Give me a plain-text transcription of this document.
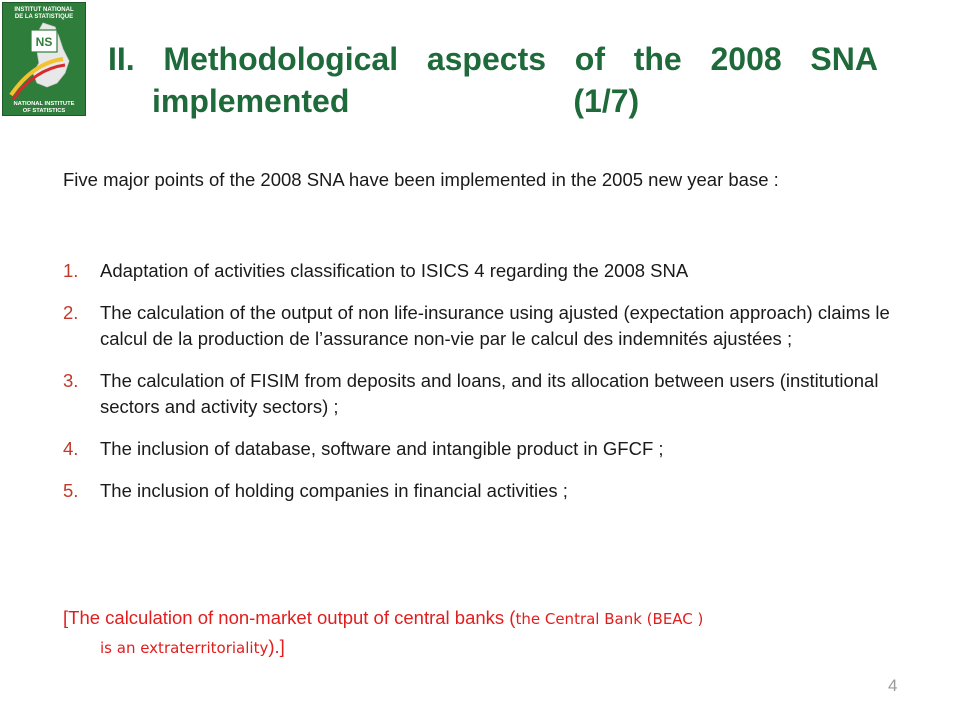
INSTITUT NATIONAL
DE LA STATISTIQUE
NS
NATIONAL INSTITUTE
OF STATISTICS
II. Methodological aspects of the 2008 SNA
implemented	(1/7)
Five major points of the 2008 SNA have been implemented in the 2005 new year base :
1. Adaptation of activities classification to ISICS 4 regarding the 2008 SNA
2. The calculation of the output of non life-insurance using ajusted (expectation approach) claims le calcul de la production de l’assurance non-vie par le calcul des indemnités ajustées ;
3. The calculation of FISIM from deposits and loans, and its allocation between users (institutional sectors and activity sectors) ;
4. The inclusion of database, software and intangible product in GFCF ;
5. The inclusion of holding companies in financial activities ;
[The calculation of non-market output of central banks (the Central Bank (BEAC )
is an extraterritoriality).]
4
